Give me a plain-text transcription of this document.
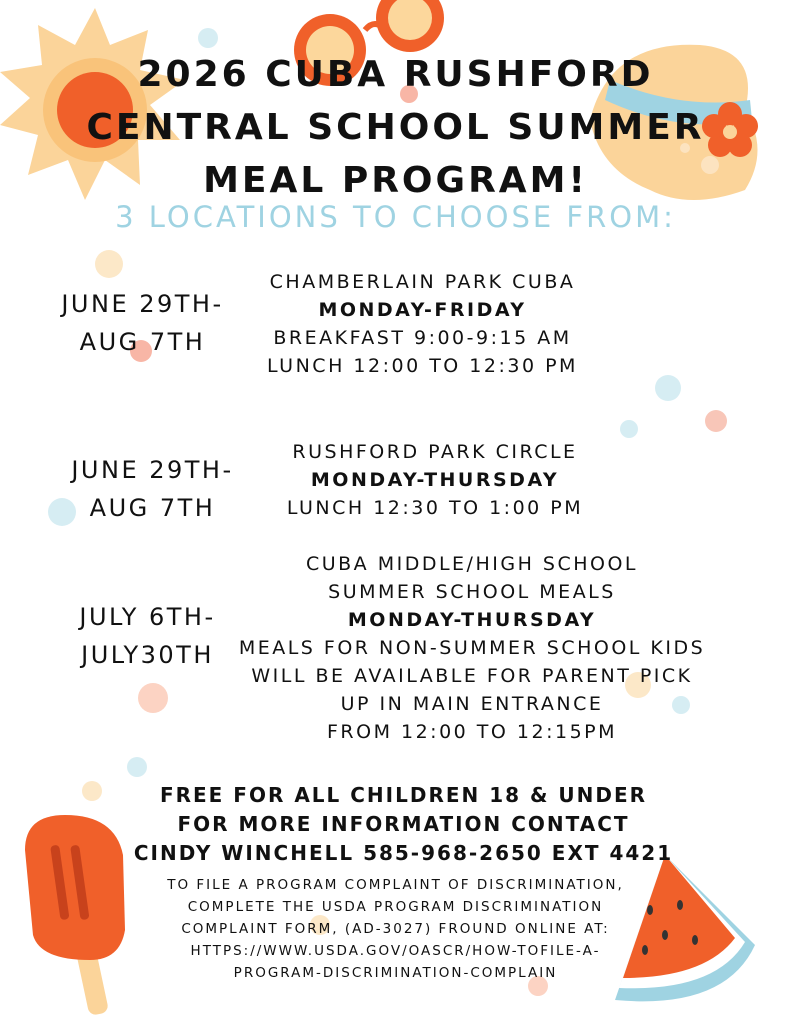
2026 CUBA RUSHFORD
CENTRAL SCHOOL SUMMER
MEAL PROGRAM!
3 LOCATIONS TO CHOOSE FROM:
JUNE 29TH-
AUG 7TH
CHAMBERLAIN PARK CUBA
MONDAY-FRIDAY
BREAKFAST 9:00-9:15 AM
LUNCH 12:00 TO 12:30 PM
JUNE 29TH-
AUG 7TH
RUSHFORD PARK CIRCLE
MONDAY-THURSDAY
LUNCH 12:30 TO 1:00 PM
JULY 6TH-
JULY30TH
CUBA MIDDLE/HIGH SCHOOL
SUMMER SCHOOL MEALS
MONDAY-THURSDAY
MEALS FOR NON-SUMMER SCHOOL KIDS
WILL BE AVAILABLE FOR PARENT PICK
UP IN MAIN ENTRANCE
FROM 12:00 TO 12:15PM
FREE FOR ALL CHILDREN 18 & UNDER
FOR MORE INFORMATION CONTACT
CINDY WINCHELL 585-968-2650 EXT 4421
TO FILE A PROGRAM COMPLAINT OF DISCRIMINATION,
COMPLETE THE USDA PROGRAM DISCRIMINATION
COMPLAINT FORM, (AD-3027) FROUND ONLINE AT:
HTTPS://WWW.USDA.GOV/OASCR/HOW-TOFILE-A-
PROGRAM-DISCRIMINATION-COMPLAIN
